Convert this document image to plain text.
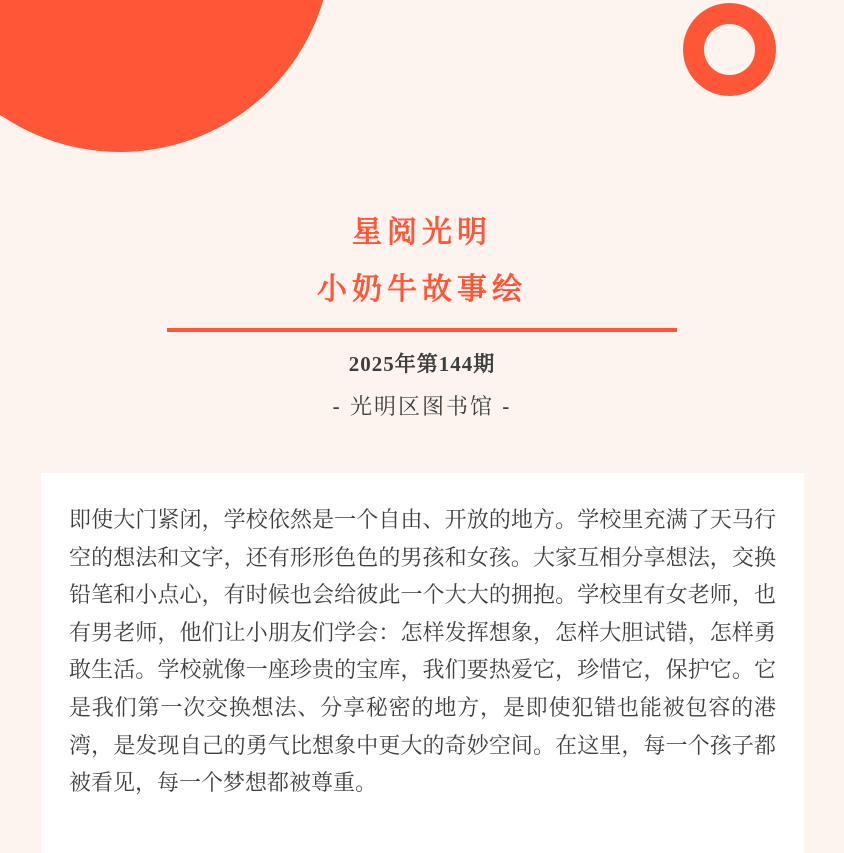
星阅光明
小奶牛故事绘
2025年第144期
- 光明区图书馆 -

即使大门紧闭，学校依然是一个自由、开放的地方。学校里充满了天马行空的想法和文字，还有形形色色的男孩和女孩。大家互相分享想法，交换铅笔和小点心，有时候也会给彼此一个大大的拥抱。学校里有女老师，也有男老师，他们让小朋友们学会：怎样发挥想象，怎样大胆试错，怎样勇敢生活。学校就像一座珍贵的宝库，我们要热爱它，珍惜它，保护它。它是我们第一次交换想法、分享秘密的地方，是即使犯错也能被包容的港湾，是发现自己的勇气比想象中更大的奇妙空间。在这里，每一个孩子都被看见，每一个梦想都被尊重。
